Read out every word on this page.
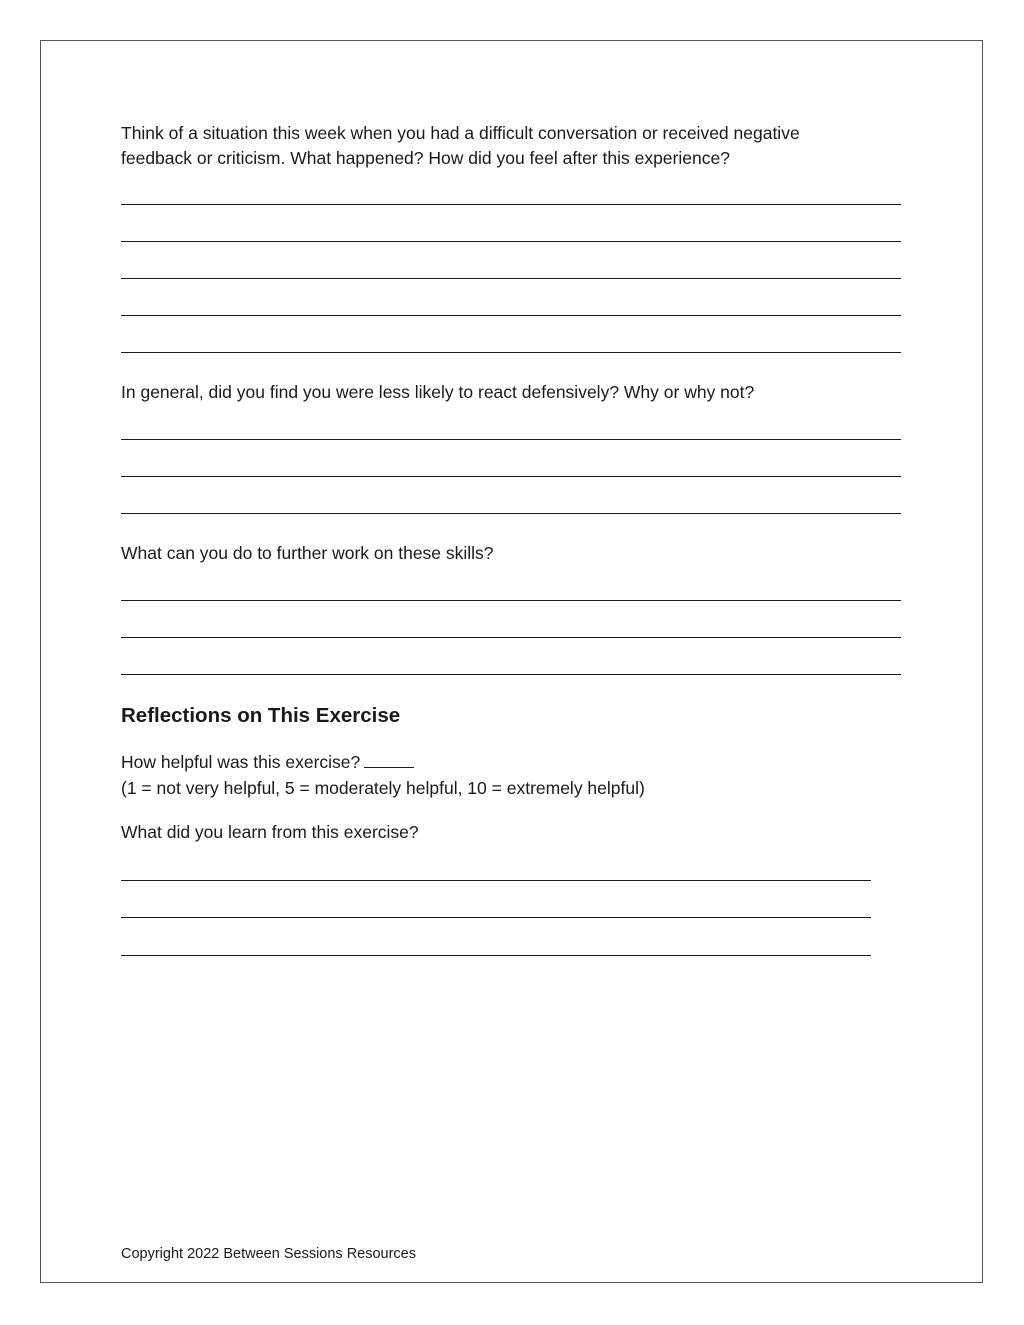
Think of a situation this week when you had a difficult conversation or received negative

feedback or criticism. What happened? How did you feel after this experience?

In general, did you find you were less likely to react defensively? Why or why not?

What can you do to further work on these skills?

Reflections on This Exercise

How helpful was this exercise?

(1 = not very helpful, 5 = moderately helpful, 10 = extremely helpful)

What did you learn from this exercise?

Copyright 2022 Between Sessions Resources
